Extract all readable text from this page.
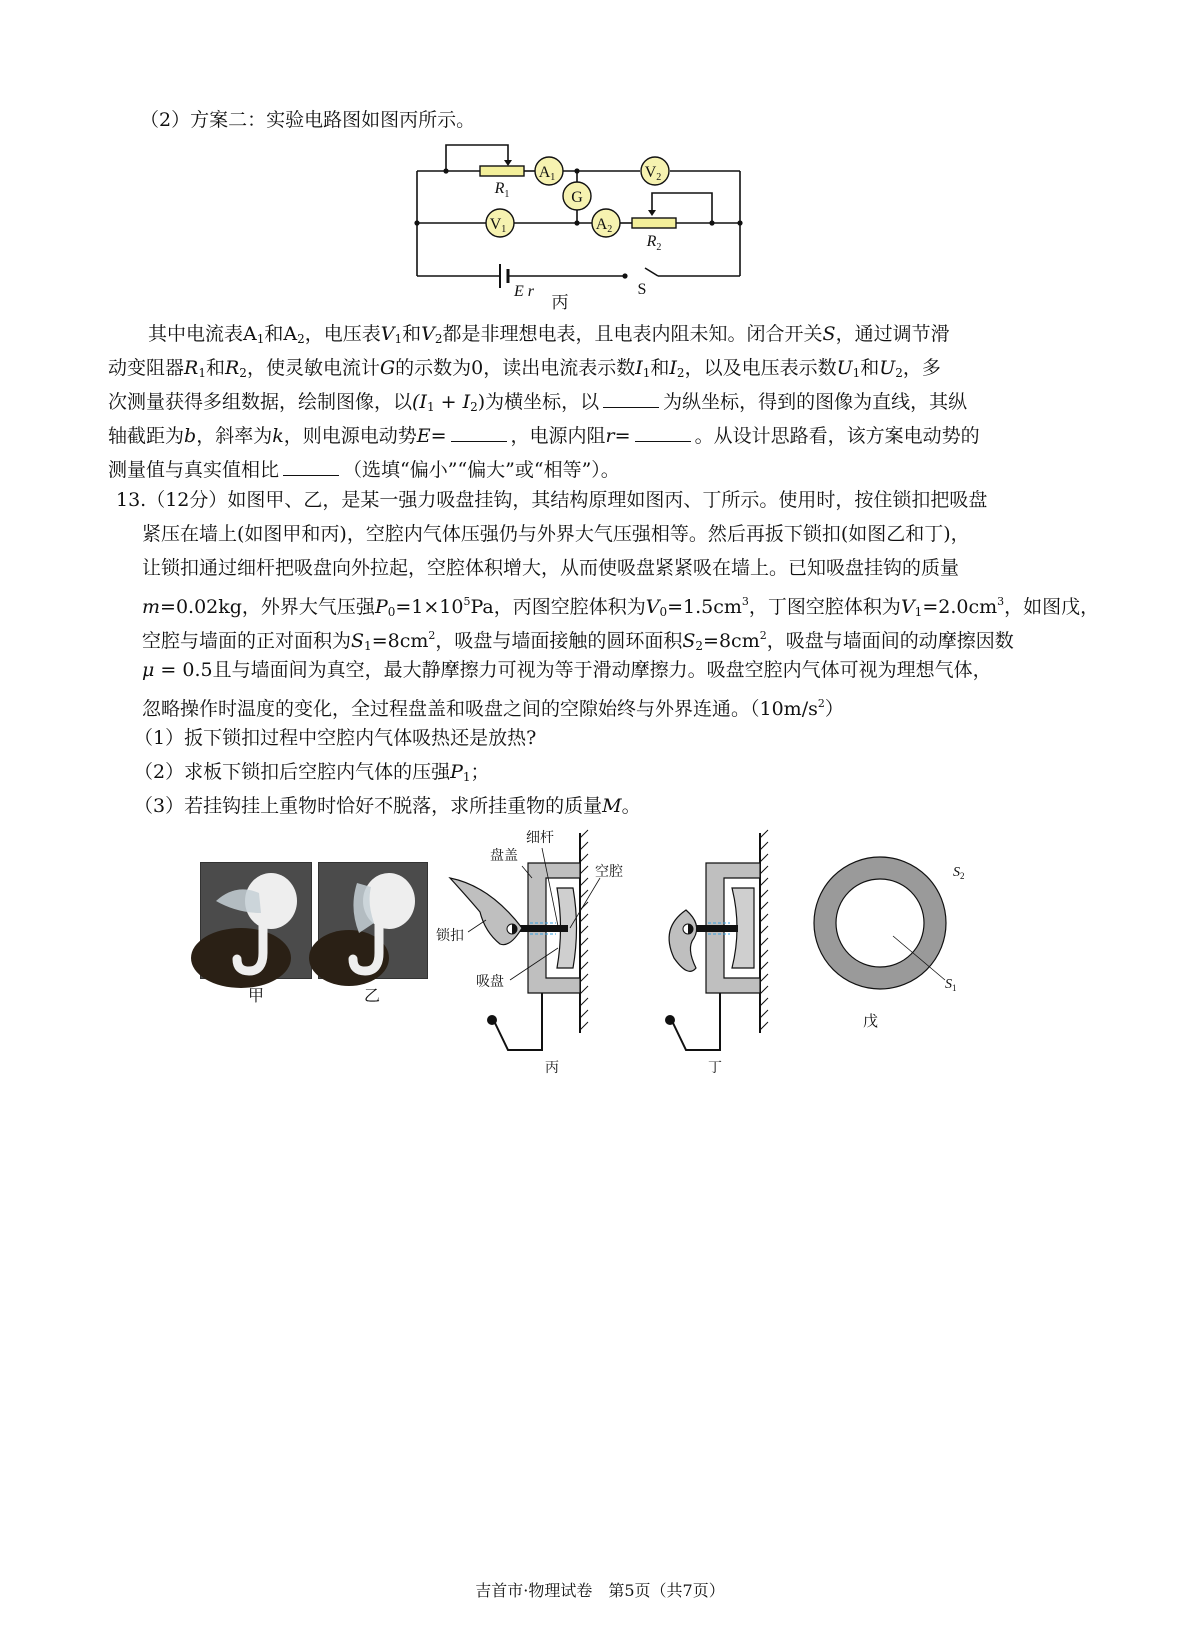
（2）方案二：实验电路图如图丙所示。
A1	V2
G
V1	A2
$R_1$
$R_2$
E r	S
丙
其中电流表$A_1$和$A_2$，电压表$V_1$和$V_2$都是非理想电表，且电表内阻未知。闭合开关S，通过调节滑
动变阻器$R_1$和$R_2$，使灵敏电流计G的示数为0，读出电流表示数$I_1$和$I_2$，以及电压表示数$U_1$和$U_2$，多
次测量获得多组数据，绘制图像，以$(I_1 + I_2)$为横坐标，以	为纵坐标，得到的图像为直线，其纵
轴截距为b，斜率为k，则电源电动势E=	，电源内阻r=	。从设计思路看，该方案电动势的
测量值与真实值相比	（选填“偏小”“偏大”或“相等”）。
13.（12分）如图甲、乙，是某一强力吸盘挂钩，其结构原理如图丙、丁所示。使用时，按住锁扣把吸盘
紧压在墙上(如图甲和丙)，空腔内气体压强仍与外界大气压强相等。然后再扳下锁扣(如图乙和丁)，
让锁扣通过细杆把吸盘向外拉起，空腔体积增大，从而使吸盘紧紧吸在墙上。已知吸盘挂钩的质量
m=0.02kg，外界大气压强$P_0=1\times 10^5Pa$，丙图空腔体积为$V_0=1.5cm^3$，丁图空腔体积为$V_1=2.0cm^3$，如图戊，
空腔与墙面的正对面积为$S_1=8cm^2$，吸盘与墙面接触的圆环面积$S_2=8cm^2$，吸盘与墙面间的动摩擦因数
μ = 0.5且与墙面间为真空，最大静摩擦力可视为等于滑动摩擦力。吸盘空腔内气体可视为理想气体，
忽略操作时温度的变化，全过程盘盖和吸盘之间的空隙始终与外界连通。$(10m/s^2)$
（1）扳下锁扣过程中空腔内气体吸热还是放热?
（2）求板下锁扣后空腔内气体的压强$P_1$；
（3）若挂钩挂上重物时恰好不脱落，求所挂重物的质量M。
甲	乙
细杆
盘盖
空腔
锁扣
吸盘
丙	丁
$S_2$
$S_1$
戊
吉首市·物理试卷　第5页（共7页）
